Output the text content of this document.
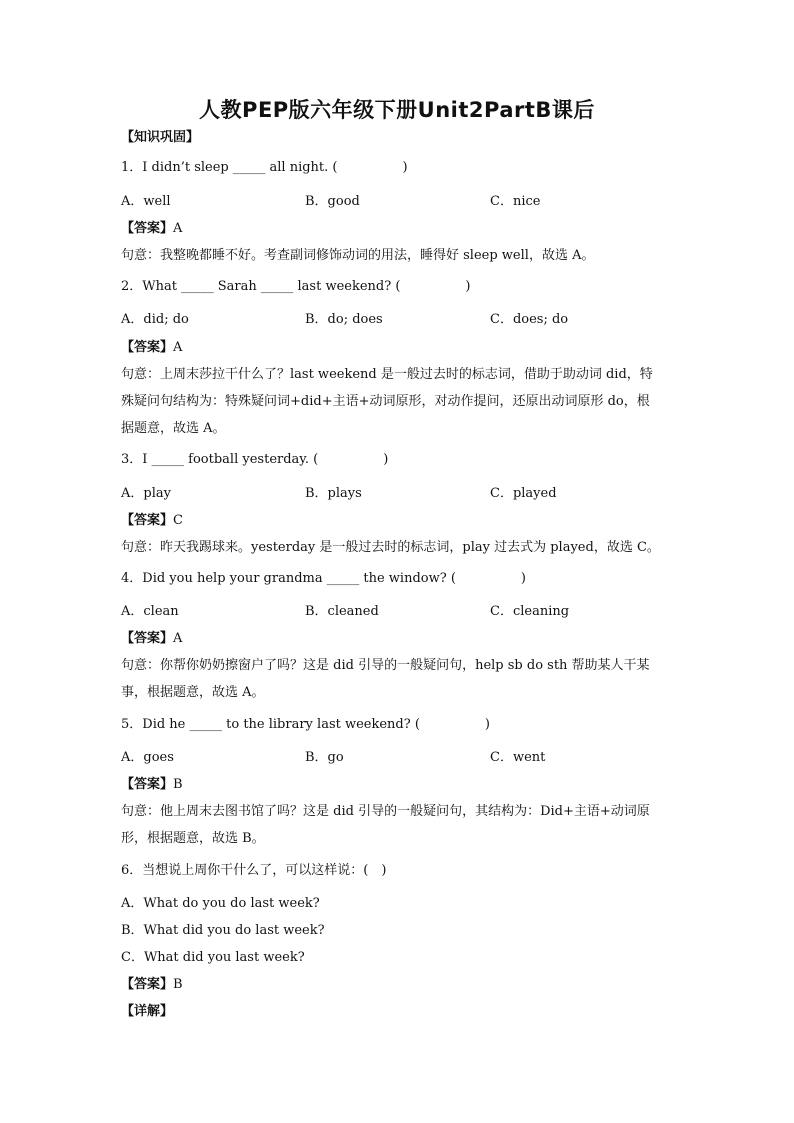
人教PEP版六年级下册Unit2PartB课后
【知识巩固】
1．I didn’t sleep _____ all night. (　　　　　)
A．well	B．good	C．nice
【答案】A
句意：我整晚都睡不好。考查副词修饰动词的用法，睡得好 sleep well，故选 A。
2．What _____ Sarah _____ last weekend? (　　　　　)
A．did; do	B．do; does	C．does; do
【答案】A
句意：上周末莎拉干什么了？last weekend 是一般过去时的标志词，借助于助动词 did，特
殊疑问句结构为：特殊疑问词+did+主语+动词原形，对动作提问，还原出动词原形 do，根
据题意，故选 A。
3．I _____ football yesterday. (　　　　　)
A．play	B．plays	C．played
【答案】C
句意：昨天我踢球来。yesterday 是一般过去时的标志词，play 过去式为 played，故选 C。
4．Did you help your grandma _____ the window? (　　　　　)
A．clean	B．cleaned	C．cleaning
【答案】A
句意：你帮你奶奶擦窗户了吗？这是 did 引导的一般疑问句，help sb do sth 帮助某人干某
事，根据题意，故选 A。
5．Did he _____ to the library last weekend? (　　　　　)
A．goes	B．go	C．went
【答案】B
句意：他上周末去图书馆了吗？这是 did 引导的一般疑问句，其结构为：Did+主语+动词原
形，根据题意，故选 B。
6．当想说上周你干什么了，可以这样说：(　)
A．What do you do last week?
B．What did you do last week?
C．What did you last week?
【答案】B
【详解】
